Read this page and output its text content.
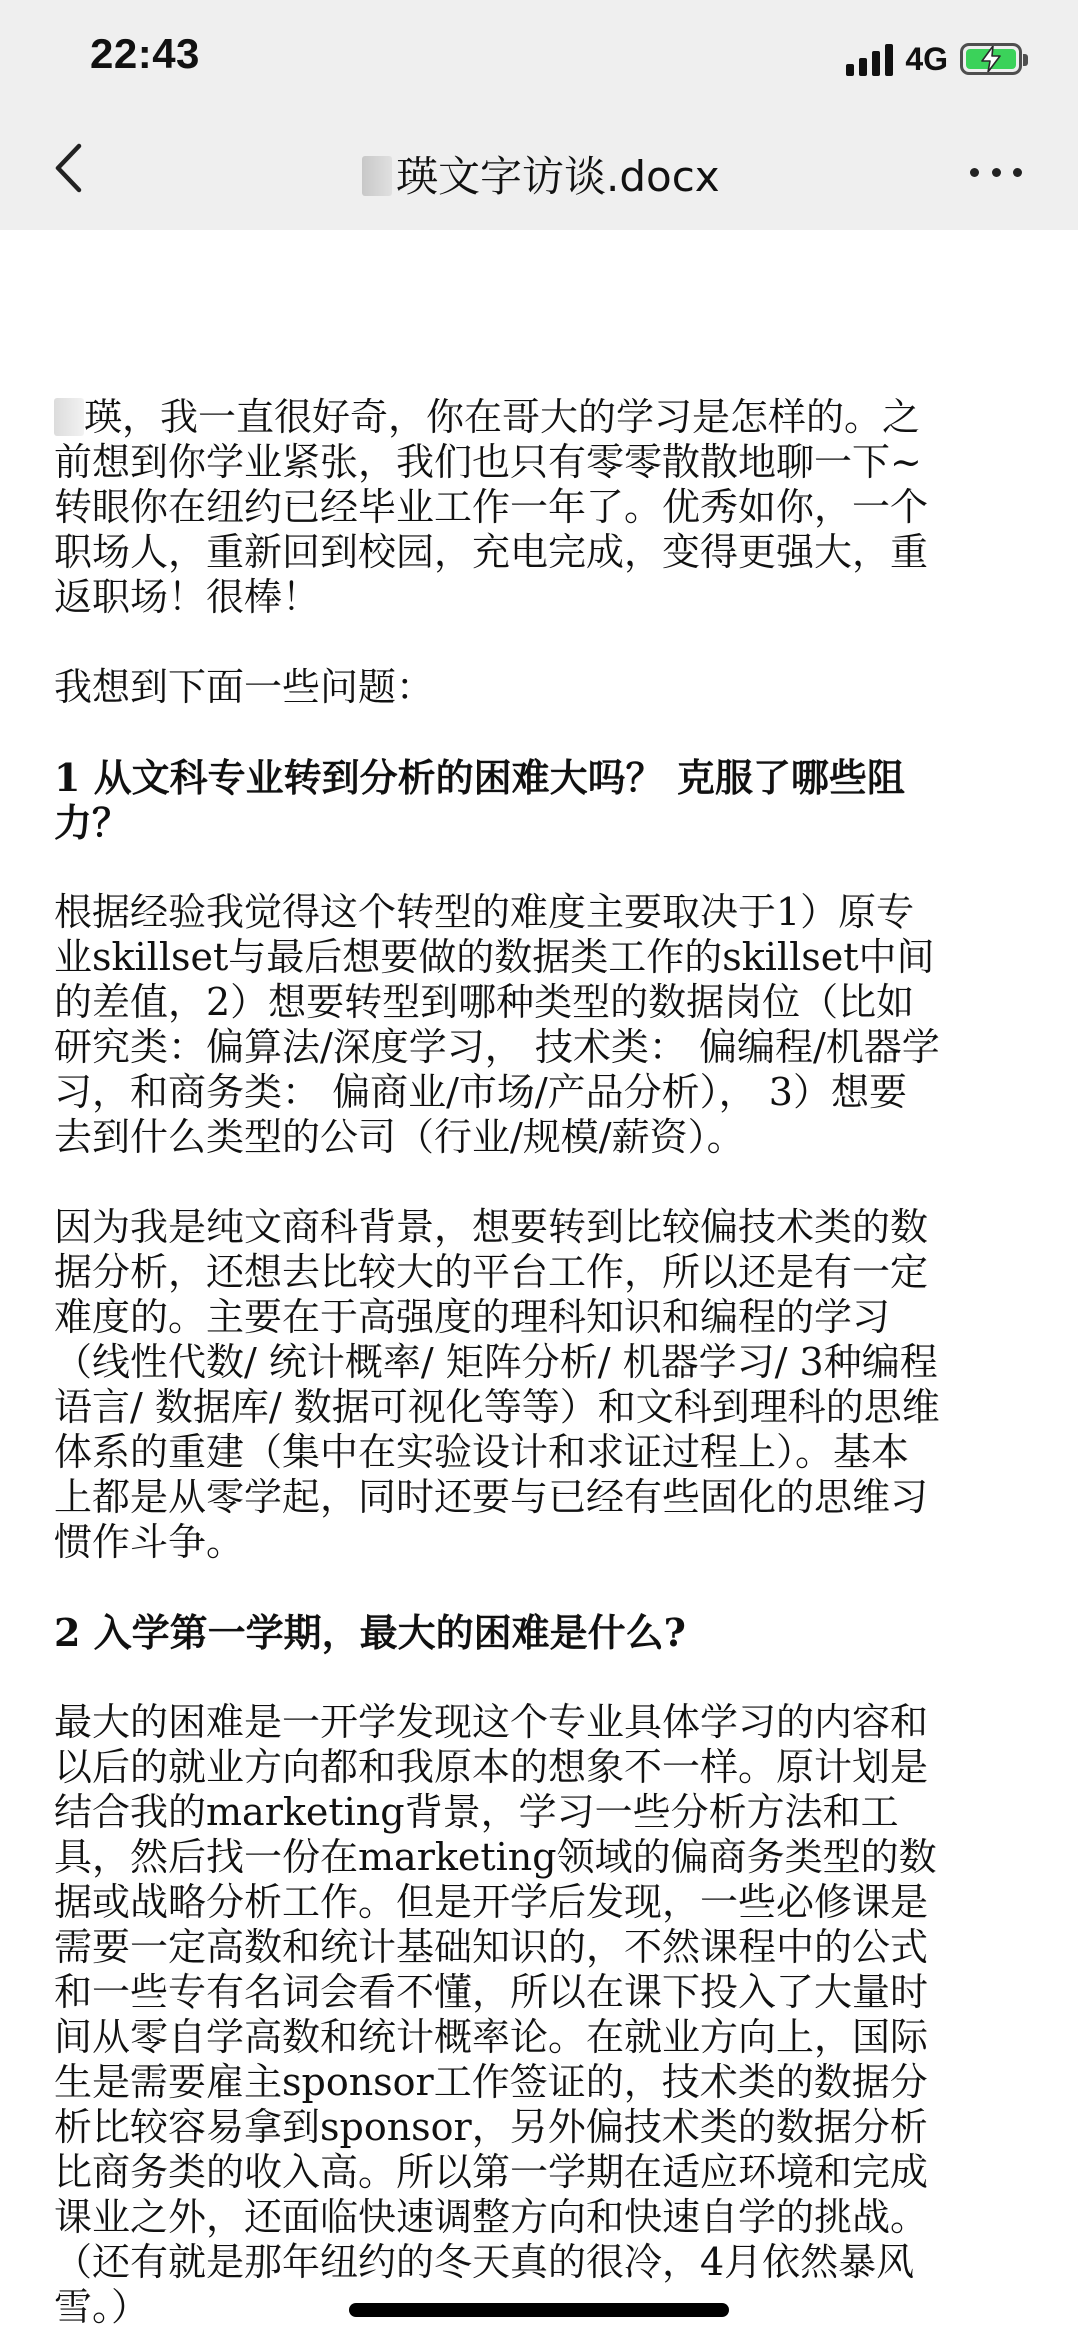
22:43	4G
瑛文字访谈.docx

瑛，我一直很好奇，你在哥大的学习是怎样的。之前想到你学业紧张，我们也只有零零散散地聊一下~转眼你在纽约已经毕业工作一年了。优秀如你，一个职场人，重新回到校园，充电完成，变得更强大，重返职场！很棒！

我想到下面一些问题：

1 从文科专业转到分析的困难大吗？ 克服了哪些阻力？

根据经验我觉得这个转型的难度主要取决于1）原专业skillset与最后想要做的数据类工作的skillset中间的差值，2）想要转型到哪种类型的数据岗位（比如研究类：偏算法/深度学习， 技术类： 偏编程/机器学习，和商务类： 偏商业/市场/产品分析）， 3）想要去到什么类型的公司（行业/规模/薪资）。

因为我是纯文商科背景，想要转到比较偏技术类的数据分析，还想去比较大的平台工作，所以还是有一定难度的。主要在于高强度的理科知识和编程的学习（线性代数/ 统计概率/ 矩阵分析/ 机器学习/ 3种编程语言/ 数据库/ 数据可视化等等）和文科到理科的思维体系的重建（集中在实验设计和求证过程上）。基本上都是从零学起，同时还要与已经有些固化的思维习惯作斗争。

2 入学第一学期，最大的困难是什么?

最大的困难是一开学发现这个专业具体学习的内容和以后的就业方向都和我原本的想象不一样。原计划是结合我的marketing背景，学习一些分析方法和工具，然后找一份在marketing领域的偏商务类型的数据或战略分析工作。但是开学后发现，一些必修课是需要一定高数和统计基础知识的，不然课程中的公式和一些专有名词会看不懂，所以在课下投入了大量时间从零自学高数和统计概率论。在就业方向上，国际生是需要雇主sponsor工作签证的，技术类的数据分析比较容易拿到sponsor，另外偏技术类的数据分析比商务类的收入高。所以第一学期在适应环境和完成课业之外，还面临快速调整方向和快速自学的挑战。（还有就是那年纽约的冬天真的很冷，4月依然暴风雪。）
